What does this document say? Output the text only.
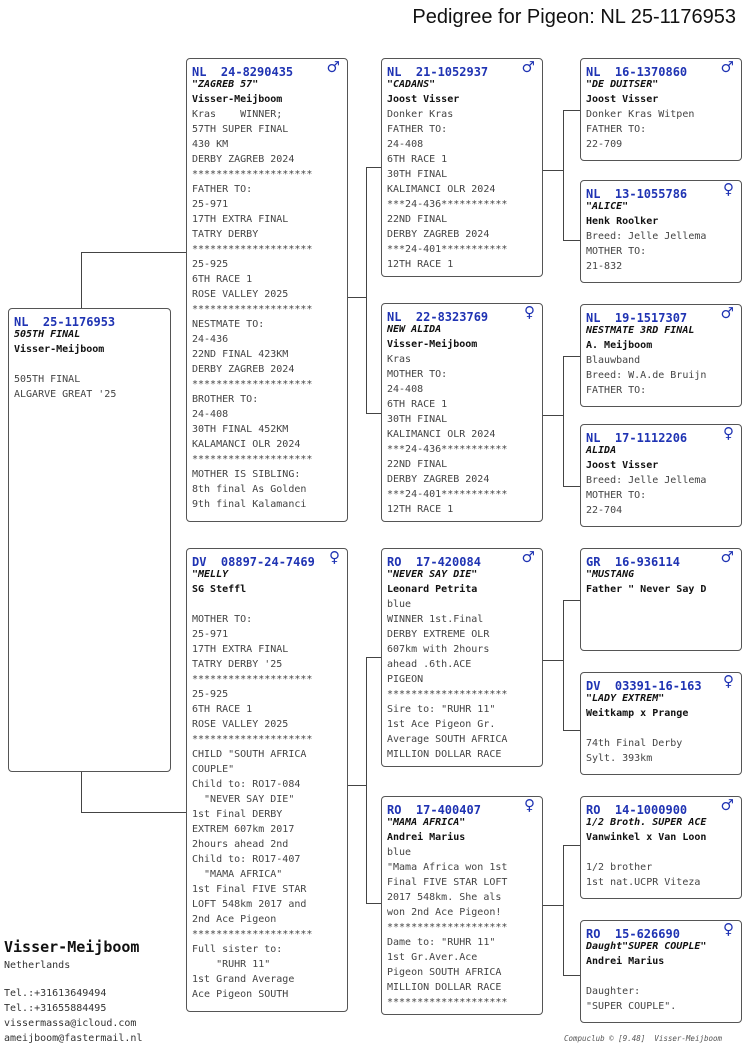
Pedigree for Pigeon: NL 25-1176953
NL  25-1176953
505TH FINAL
Visser-Meijboom
505TH FINAL
ALGARVE GREAT '25
NL  24-8290435 ♂
"ZAGREB 57"
Visser-Meijboom
Kras    WINNER;
57TH SUPER FINAL
430 KM
DERBY ZAGREB 2024
********************
FATHER TO:
25-971
17TH EXTRA FINAL
TATRY DERBY
********************
25-925
6TH RACE 1
ROSE VALLEY 2025
********************
NESTMATE TO:
24-436
22ND FINAL 423KM
DERBY ZAGREB 2024
********************
BROTHER TO:
24-408
30TH FINAL 452KM
KALAMANCI OLR 2024
********************
MOTHER IS SIBLING:
8th final As Golden
9th final Kalamanci
DV  08897-24-7469 ♀
"MELLY
SG Steffl
MOTHER TO:
25-971
17TH EXTRA FINAL
TATRY DERBY '25
********************
25-925
6TH RACE 1
ROSE VALLEY 2025
********************
CHILD "SOUTH AFRICA
COUPLE"
Child to: RO17-084
"NEVER SAY DIE"
1st Final DERBY
EXTREM 607km 2017
2hours ahead 2nd
Child to: RO17-407
"MAMA AFRICA"
1st Final FIVE STAR
LOFT 548km 2017 and
2nd Ace Pigeon
********************
Full sister to:
"RUHR 11"
1st Grand Average
Ace Pigeon SOUTH
NL  21-1052937 ♂
"CADANS"
Joost Visser
Donker Kras
FATHER TO:
24-408
6TH RACE 1
30TH FINAL
KALIMANCI OLR 2024
***24-436***********
22ND FINAL
DERBY ZAGREB 2024
***24-401***********
12TH RACE 1
NL  22-8323769 ♀
NEW ALIDA
Visser-Meijboom
Kras
MOTHER TO:
24-408
6TH RACE 1
30TH FINAL
KALIMANCI OLR 2024
***24-436***********
22ND FINAL
DERBY ZAGREB 2024
***24-401***********
12TH RACE 1
RO  17-420084	♂
"NEVER SAY DIE"
Leonard Petrita
blue
WINNER 1st.Final
DERBY EXTREME OLR
607km with 2hours
ahead .6th.ACE
PIGEON
********************
Sire to: "RUHR 11"
1st Ace Pigeon Gr.
Average SOUTH AFRICA
MILLION DOLLAR RACE
RO  17-400407	♀
"MAMA AFRICA"
Andrei Marius
blue
"Mama Africa won 1st
Final FIVE STAR LOFT
2017 548km. She als
won 2nd Ace Pigeon!
********************
Dame to: "RUHR 11"
1st Gr.Aver.Ace
Pigeon SOUTH AFRICA
MILLION DOLLAR RACE
********************
NL  16-1370860 ♂
"DE DUITSER"
Joost Visser
Donker Kras Witpen
FATHER TO:
22-709
NL  13-1055786 ♀
"ALICE"
Henk Roolker
Breed: Jelle Jellema
MOTHER TO:
21-832
NL  19-1517307 ♂
NESTMATE 3RD FINAL
A. Meijboom
Blauwband
Breed: W.A.de Bruijn
FATHER TO:
NL  17-1112206 ♀
ALIDA
Joost Visser
Breed: Jelle Jellema
MOTHER TO:
22-704
GR  16-936114	♂
"MUSTANG
Father " Never Say D
DV  03391-16-163 ♀
"LADY EXTREM"
Weitkamp x Prange
74th Final Derby
Sylt. 393km
RO  14-1000900 ♂
1/2 Broth. SUPER ACE
Vanwinkel x Van Loon
1/2 brother
1st nat.UCPR Viteza
RO  15-626690	♀
Daught"SUPER COUPLE"
Andrei Marius
Daughter:
"SUPER COUPLE".
Visser-Meijboom
Netherlands
Tel.:+31613649494
Tel.:+31655884495
vissermassa@icloud.com
ameijboom@fastermail.nl	Compuclub © [9.48]  Visser-Meijboom
